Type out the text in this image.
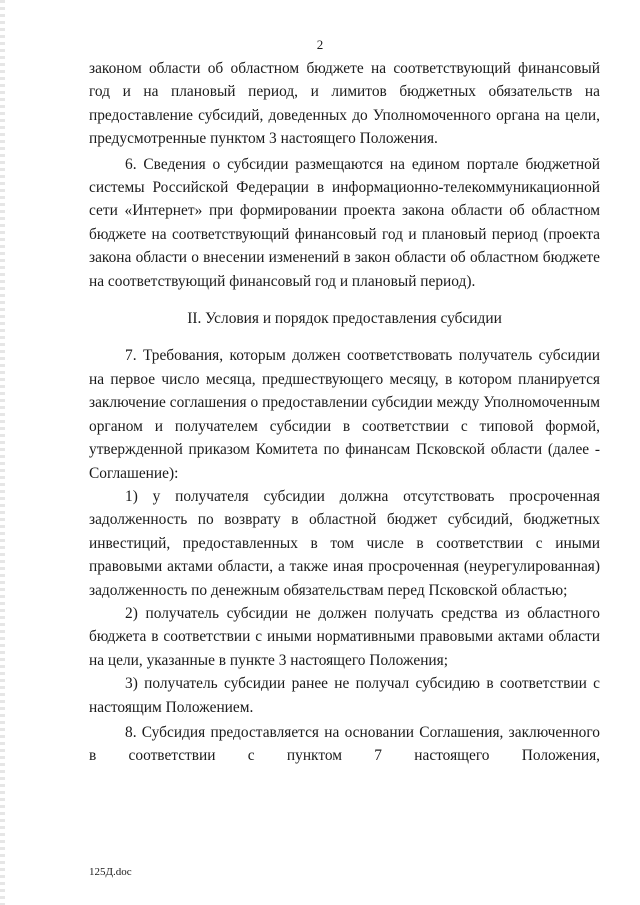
2

законом области об областном бюджете на соответствующий финансовый год и на плановый период, и лимитов бюджетных обязательств на предоставление субсидий, доведенных до Уполномоченного органа на цели, предусмотренные пунктом 3 настоящего Положения.

6. Сведения о субсидии размещаются на едином портале бюджетной системы Российской Федерации в информационно-телекоммуникационной сети «Интернет» при формировании проекта закона области об областном бюджете на соответствующий финансовый год и плановый период (проекта закона области о внесении изменений в закон области об областном бюджете на соответствующий финансовый год и плановый период).

II. Условия и порядок предоставления субсидии

7. Требования, которым должен соответствовать получатель субсидии на первое число месяца, предшествующего месяцу, в котором планируется заключение соглашения о предоставлении субсидии между Уполномоченным органом и получателем субсидии в соответствии с типовой формой, утвержденной приказом Комитета по финансам Псковской области (далее - Соглашение):

1) у получателя субсидии должна отсутствовать просроченная задолженность по возврату в областной бюджет субсидий, бюджетных инвестиций, предоставленных в том числе в соответствии с иными правовыми актами области, а также иная просроченная (неурегулированная) задолженность по денежным обязательствам перед Псковской областью;

2) получатель субсидии не должен получать средства из областного бюджета в соответствии с иными нормативными правовыми актами области на цели, указанные в пункте 3 настоящего Положения;

3) получатель субсидии ранее не получал субсидию в соответствии с настоящим Положением.

8. Субсидия предоставляется на основании Соглашения, заключенного в соответствии с пунктом 7 настоящего Положения,

125Д.doc
